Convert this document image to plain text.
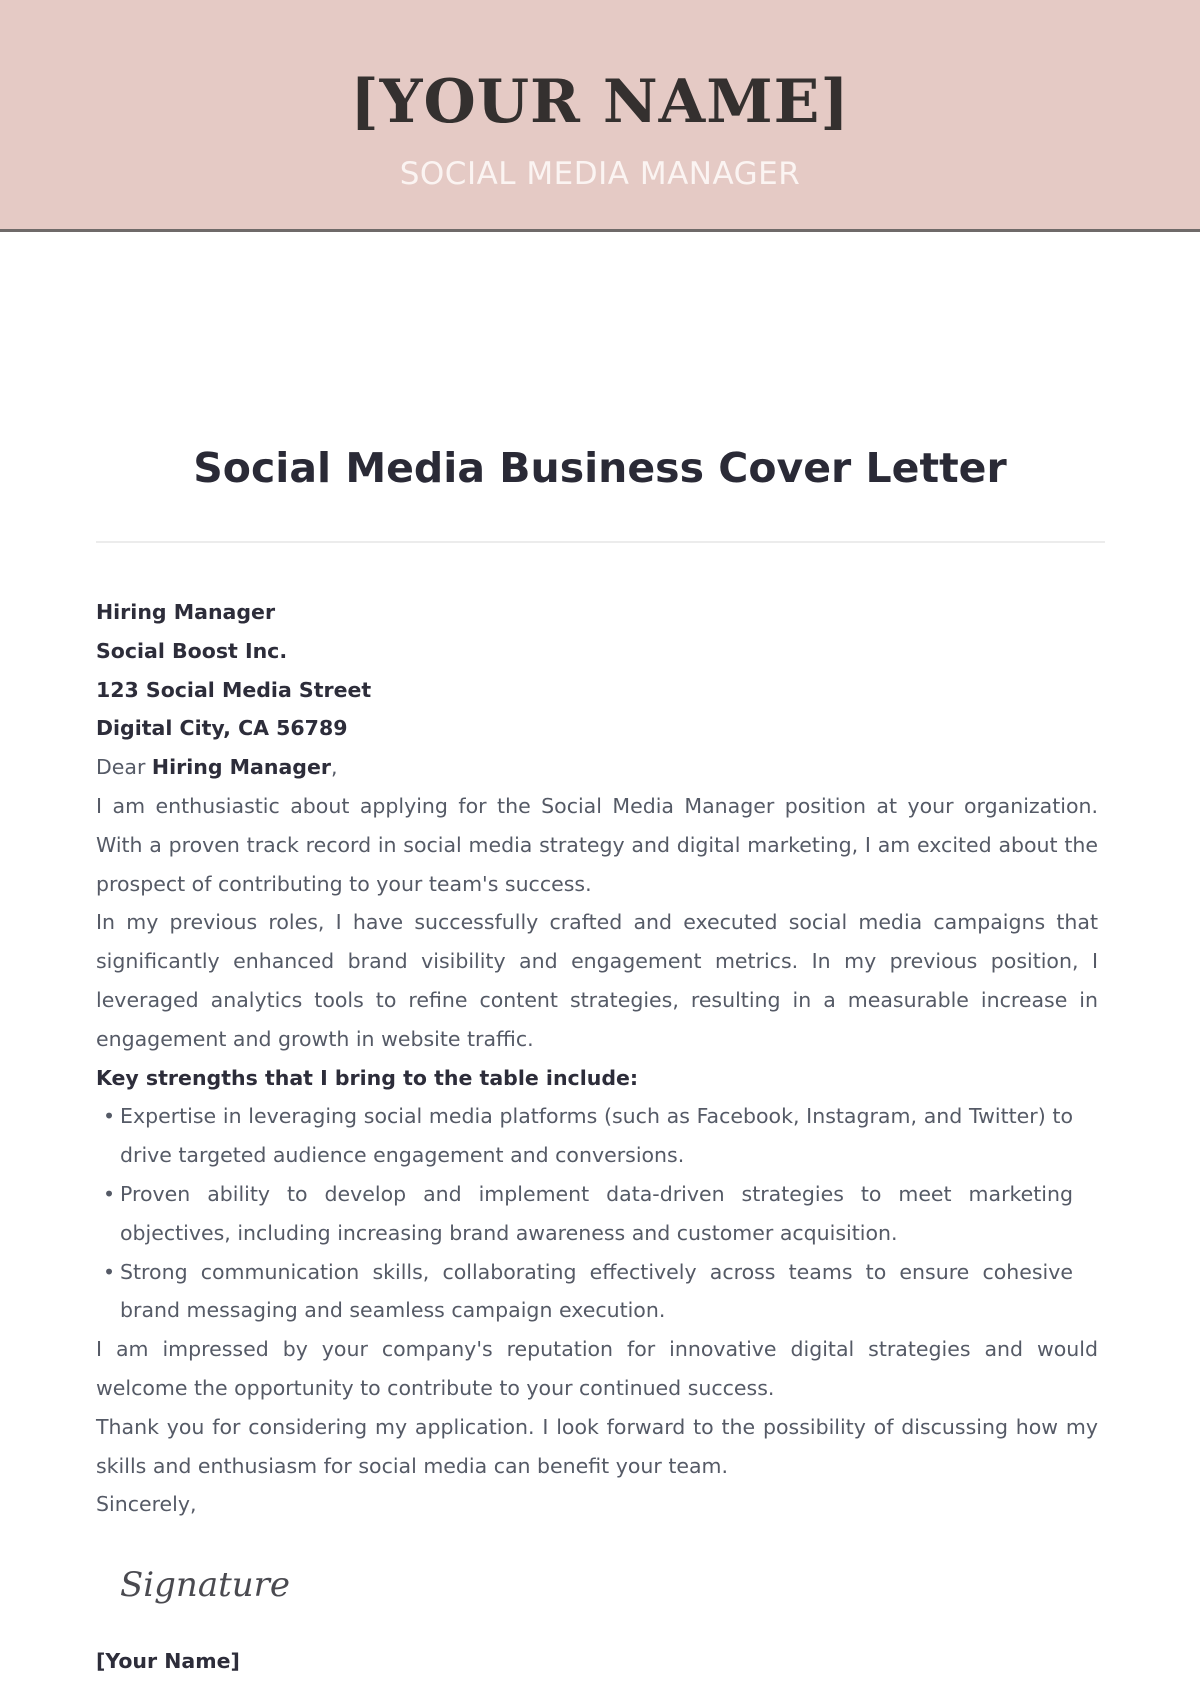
[YOUR NAME]
SOCIAL MEDIA MANAGER
Social Media Business Cover Letter

Hiring Manager

Social Boost Inc.

123 Social Media Street

Digital City, CA 56789

Dear Hiring Manager,

I am enthusiastic about applying for the Social Media Manager position at your organization. With a proven track record in social media strategy and digital marketing, I am excited about the prospect of contributing to your team's success.

In my previous roles, I have successfully crafted and executed social media campaigns that significantly enhanced brand visibility and engagement metrics. In my previous position, I leveraged analytics tools to refine content strategies, resulting in a measurable increase in engagement and growth in website traffic.

Key strengths that I bring to the table include:

• Expertise in leveraging social media platforms (such as Facebook, Instagram, and Twitter) to drive targeted audience engagement and conversions.
• Proven ability to develop and implement data-driven strategies to meet marketing objectives, including increasing brand awareness and customer acquisition.
• Strong communication skills, collaborating effectively across teams to ensure cohesive brand messaging and seamless campaign execution.

I am impressed by your company's reputation for innovative digital strategies and would welcome the opportunity to contribute to your continued success.

Thank you for considering my application. I look forward to the possibility of discussing how my skills and enthusiasm for social media can benefit your team.

Sincerely,

Signature
[Your Name]
